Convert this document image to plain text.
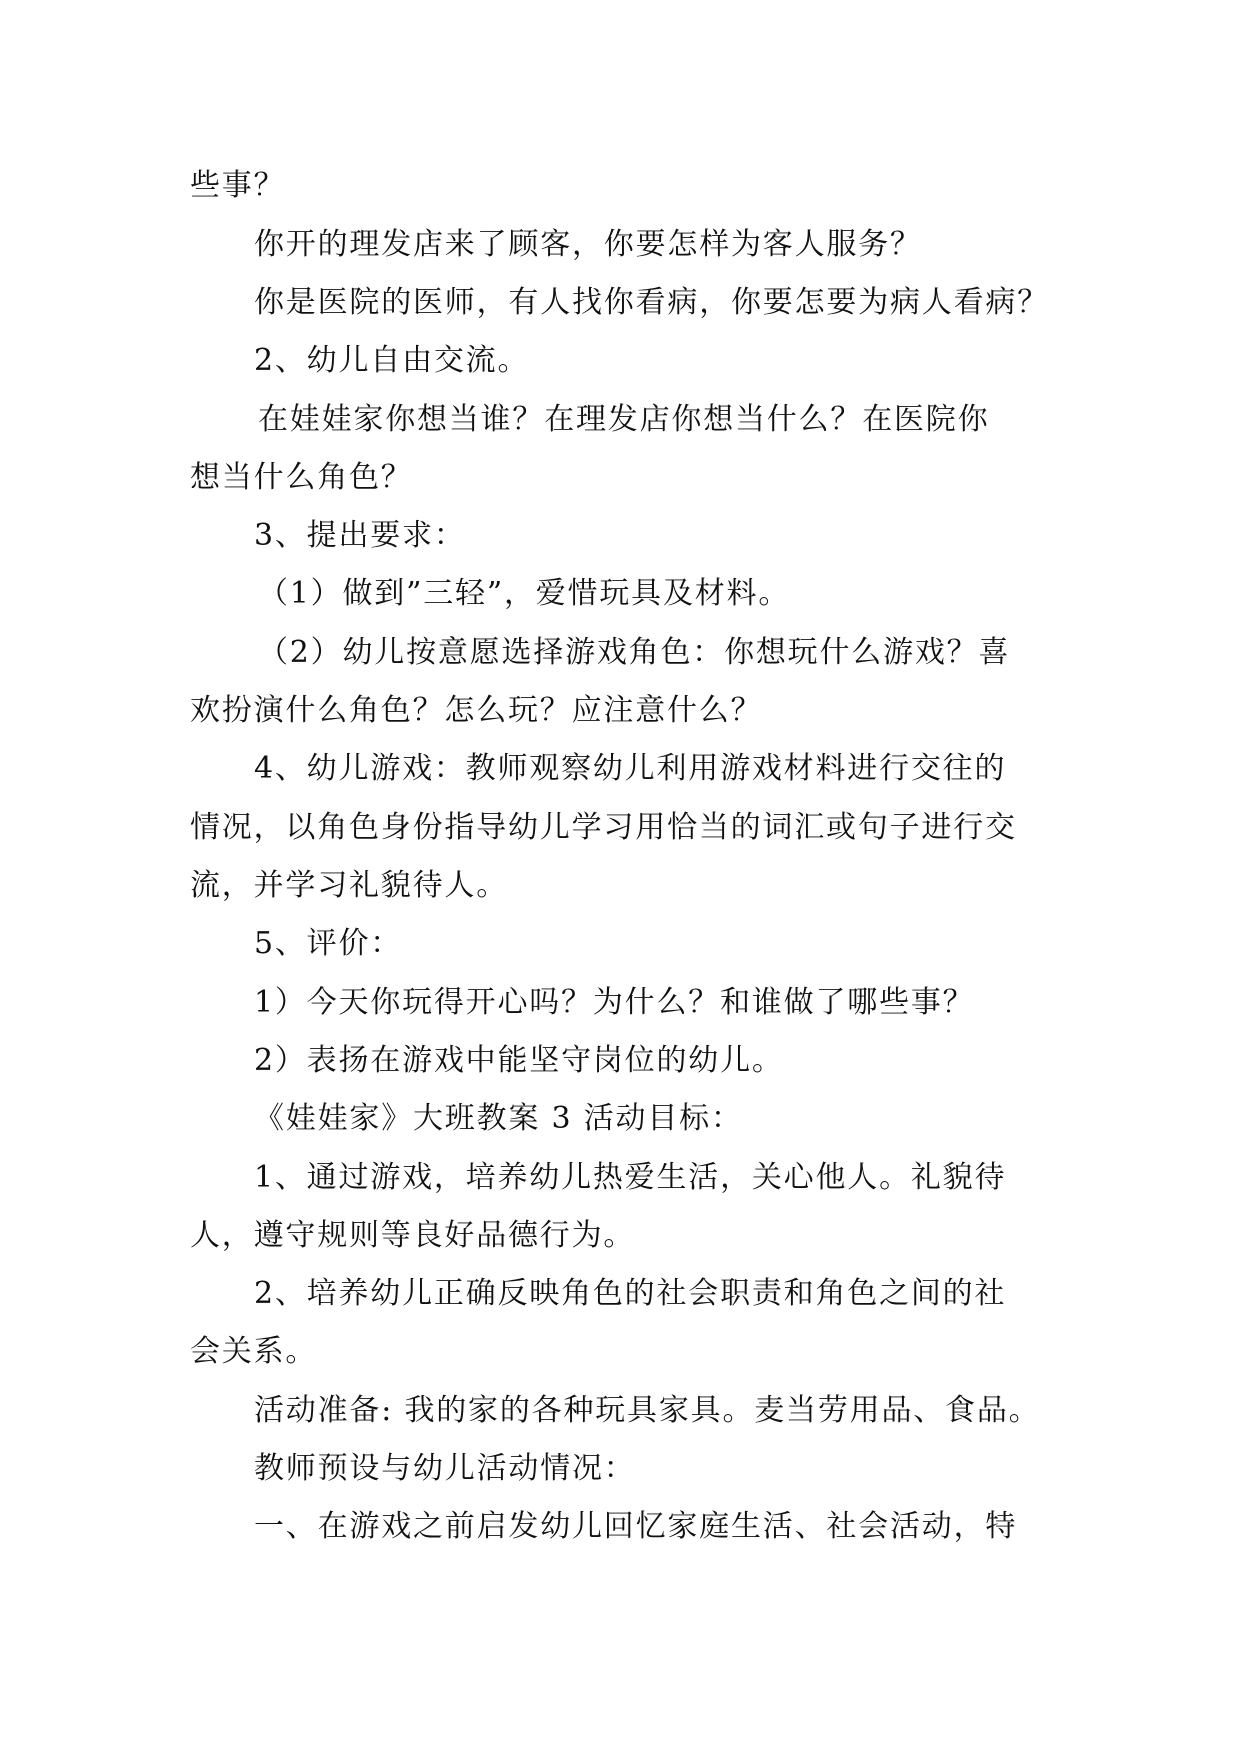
些事？
你开的理发店来了顾客，你要怎样为客人服务？
你是医院的医师，有人找你看病，你要怎要为病人看病？
2、幼儿自由交流。
在娃娃家你想当谁？在理发店你想当什么？在医院你
想当什么角色？
3、提出要求：
（1）做到”三轻”，爱惜玩具及材料。
（2）幼儿按意愿选择游戏角色：你想玩什么游戏？喜
欢扮演什么角色？怎么玩？应注意什么？
4、幼儿游戏：教师观察幼儿利用游戏材料进行交往的
情况，以角色身份指导幼儿学习用恰当的词汇或句子进行交
流，并学习礼貌待人。
5、评价：
1）今天你玩得开心吗？为什么？和谁做了哪些事？
2）表扬在游戏中能坚守岗位的幼儿。
《娃娃家》大班教案 3 活动目标：
1、通过游戏，培养幼儿热爱生活，关心他人。礼貌待
人，遵守规则等良好品德行为。
2、培养幼儿正确反映角色的社会职责和角色之间的社
会关系。
活动准备: 我的家的各种玩具家具。麦当劳用品、食品。
教师预设与幼儿活动情况：
一、在游戏之前启发幼儿回忆家庭生活、社会活动，特
